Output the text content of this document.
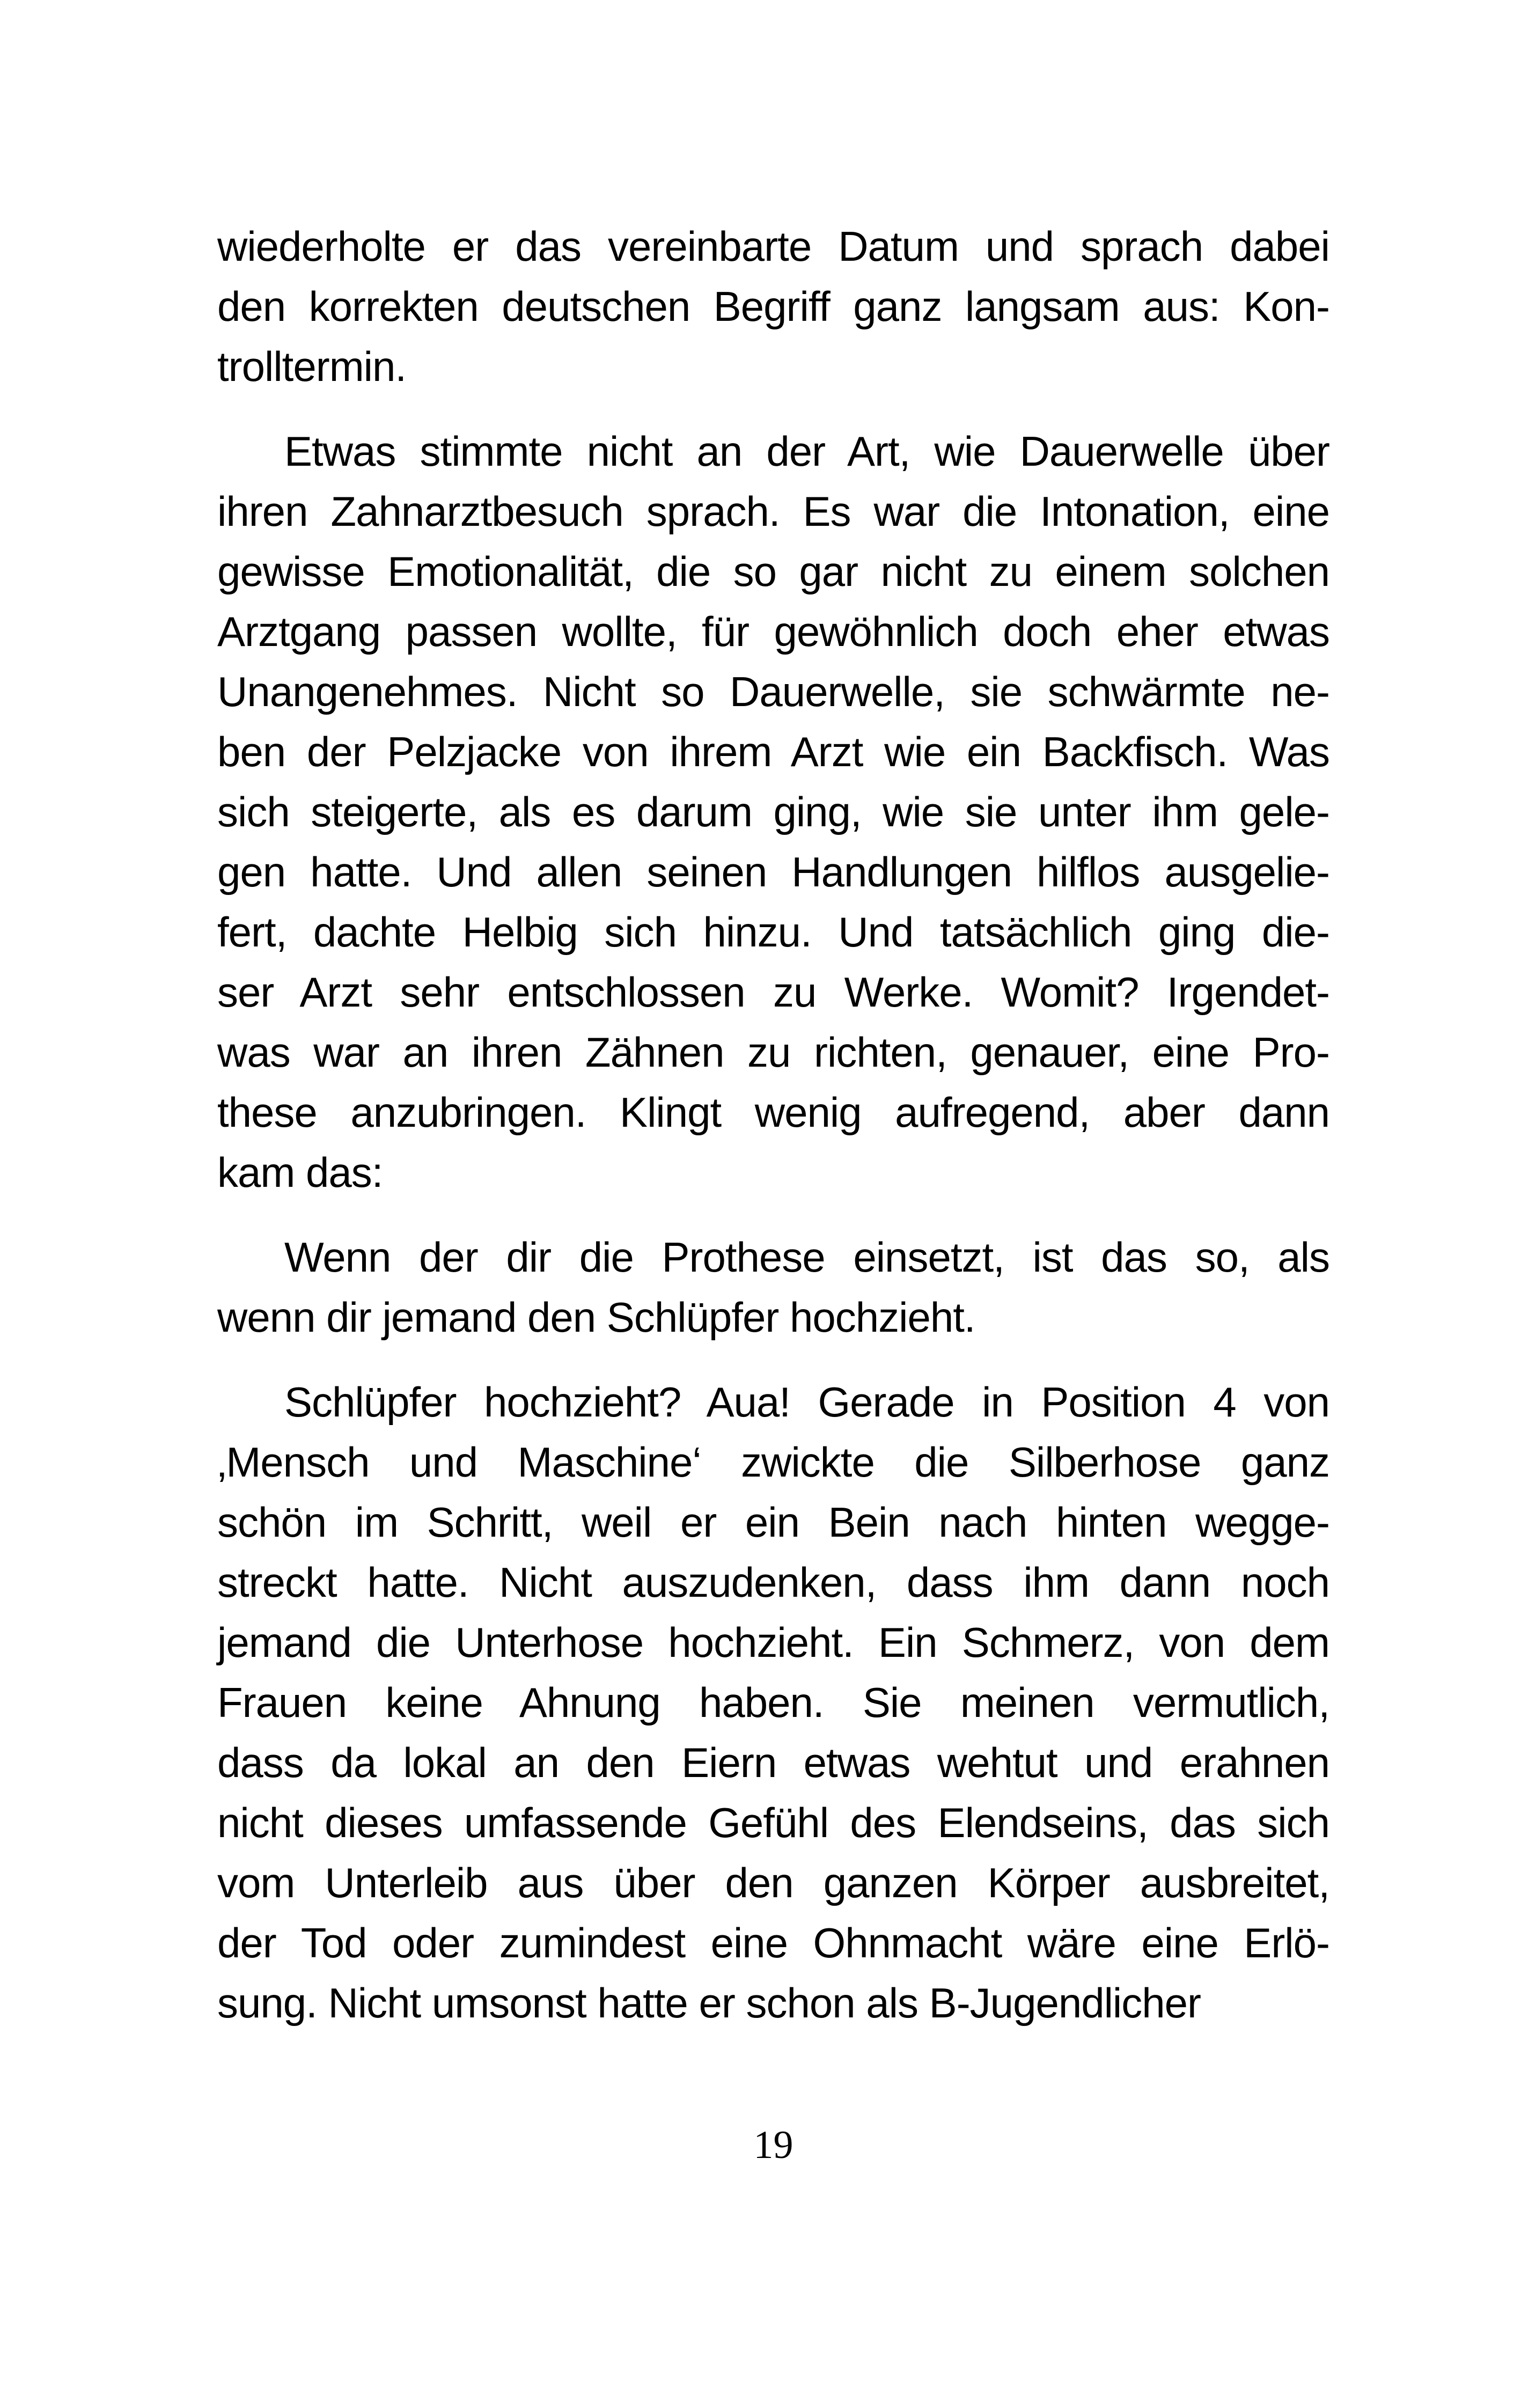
wiederholte er das vereinbarte Datum und sprach dabei
den korrekten deutschen Begriff ganz langsam aus: Kon-
trolltermin.
Etwas stimmte nicht an der Art, wie Dauerwelle über
ihren Zahnarztbesuch sprach. Es war die Intonation, eine
gewisse Emotionalität, die so gar nicht zu einem solchen
Arztgang passen wollte, für gewöhnlich doch eher etwas
Unangenehmes. Nicht so Dauerwelle, sie schwärmte ne-
ben der Pelzjacke von ihrem Arzt wie ein Backfisch. Was
sich steigerte, als es darum ging, wie sie unter ihm gele-
gen hatte. Und allen seinen Handlungen hilflos ausgelie-
fert, dachte Helbig sich hinzu. Und tatsächlich ging die-
ser Arzt sehr entschlossen zu Werke. Womit? Irgendet-
was war an ihren Zähnen zu richten, genauer, eine Pro-
these anzubringen. Klingt wenig aufregend, aber dann
kam das:
Wenn der dir die Prothese einsetzt, ist das so, als
wenn dir jemand den Schlüpfer hochzieht.
Schlüpfer hochzieht? Aua! Gerade in Position 4 von
‚Mensch und Maschine‘ zwickte die Silberhose ganz
schön im Schritt, weil er ein Bein nach hinten wegge-
streckt hatte. Nicht auszudenken, dass ihm dann noch
jemand die Unterhose hochzieht. Ein Schmerz, von dem
Frauen keine Ahnung haben. Sie meinen vermutlich,
dass da lokal an den Eiern etwas wehtut und erahnen
nicht dieses umfassende Gefühl des Elendseins, das sich
vom Unterleib aus über den ganzen Körper ausbreitet,
der Tod oder zumindest eine Ohnmacht wäre eine Erlö-
sung. Nicht umsonst hatte er schon als B-Jugendlicher
19
